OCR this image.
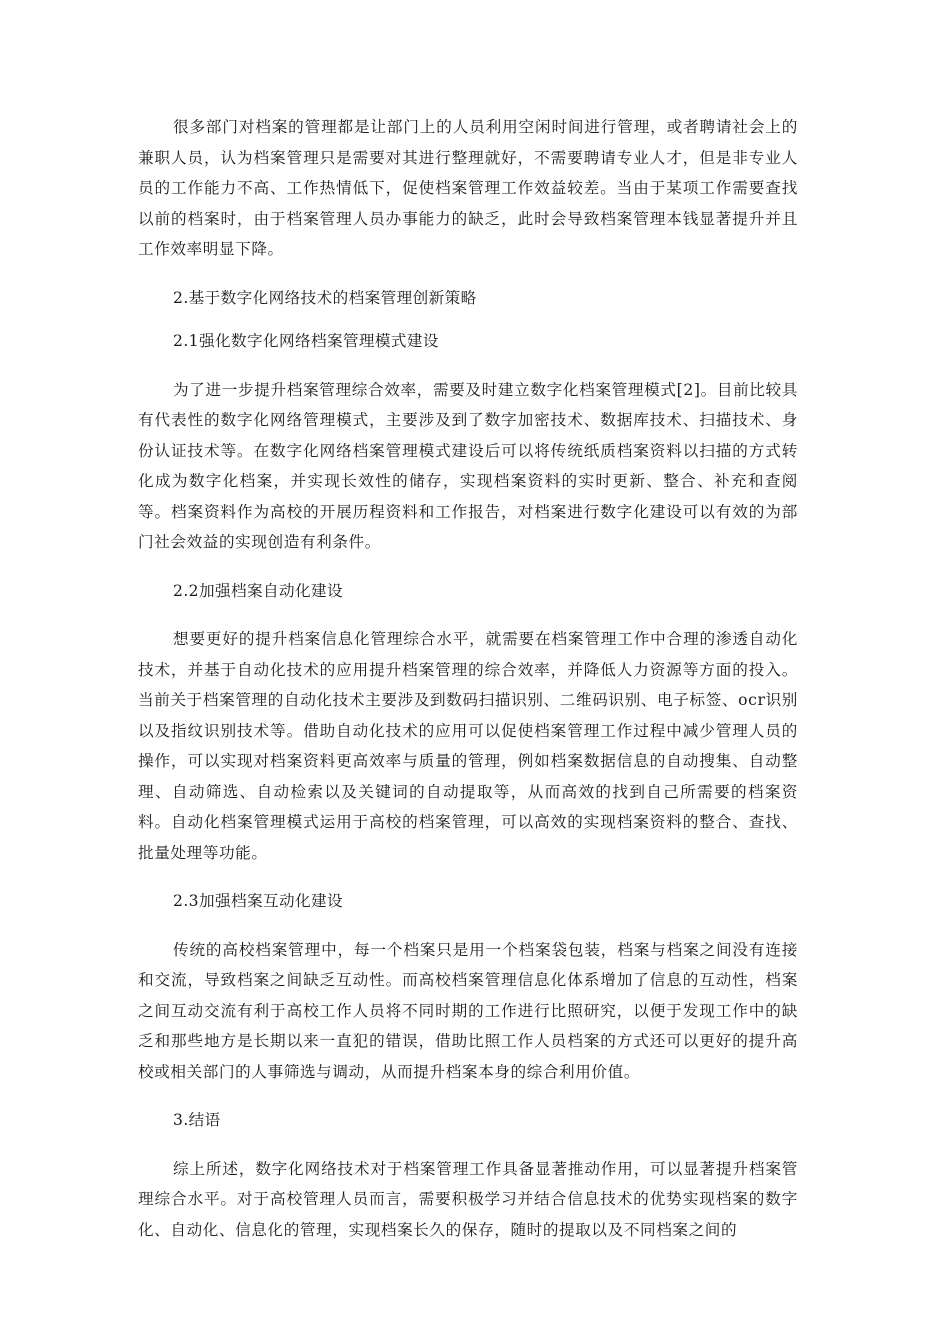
很多部门对档案的管理都是让部门上的人员利用空闲时间进行管理，或者聘请社会上的兼职人员，认为档案管理只是需要对其进行整理就好，不需要聘请专业人才，但是非专业人员的工作能力不高、工作热情低下，促使档案管理工作效益较差。当由于某项工作需要查找以前的档案时，由于档案管理人员办事能力的缺乏，此时会导致档案管理本钱显著提升并且工作效率明显下降。

2.基于数字化网络技术的档案管理创新策略

2.1强化数字化网络档案管理模式建设

为了进一步提升档案管理综合效率，需要及时建立数字化档案管理模式[2]。目前比较具有代表性的数字化网络管理模式，主要涉及到了数字加密技术、数据库技术、扫描技术、身份认证技术等。在数字化网络档案管理模式建设后可以将传统纸质档案资料以扫描的方式转化成为数字化档案，并实现长效性的储存，实现档案资料的实时更新、整合、补充和查阅等。档案资料作为高校的开展历程资料和工作报告，对档案进行数字化建设可以有效的为部门社会效益的实现创造有利条件。

2.2加强档案自动化建设

想要更好的提升档案信息化管理综合水平，就需要在档案管理工作中合理的渗透自动化技术，并基于自动化技术的应用提升档案管理的综合效率，并降低人力资源等方面的投入。当前关于档案管理的自动化技术主要涉及到数码扫描识别、二维码识别、电子标签、ocr识别以及指纹识别技术等。借助自动化技术的应用可以促使档案管理工作过程中减少管理人员的操作，可以实现对档案资料更高效率与质量的管理，例如档案数据信息的自动搜集、自动整理、自动筛选、自动检索以及关键词的自动提取等，从而高效的找到自己所需要的档案资料。自动化档案管理模式运用于高校的档案管理，可以高效的实现档案资料的整合、查找、批量处理等功能。

2.3加强档案互动化建设

传统的高校档案管理中，每一个档案只是用一个档案袋包装，档案与档案之间没有连接和交流，导致档案之间缺乏互动性。而高校档案管理信息化体系增加了信息的互动性，档案之间互动交流有利于高校工作人员将不同时期的工作进行比照研究，以便于发现工作中的缺乏和那些地方是长期以来一直犯的错误，借助比照工作人员档案的方式还可以更好的提升高校或相关部门的人事筛选与调动，从而提升档案本身的综合利用价值。

3.结语

综上所述，数字化网络技术对于档案管理工作具备显著推动作用，可以显著提升档案管理综合水平。对于高校管理人员而言，需要积极学习并结合信息技术的优势实现档案的数字化、自动化、信息化的管理，实现档案长久的保存，随时的提取以及不同档案之间的
